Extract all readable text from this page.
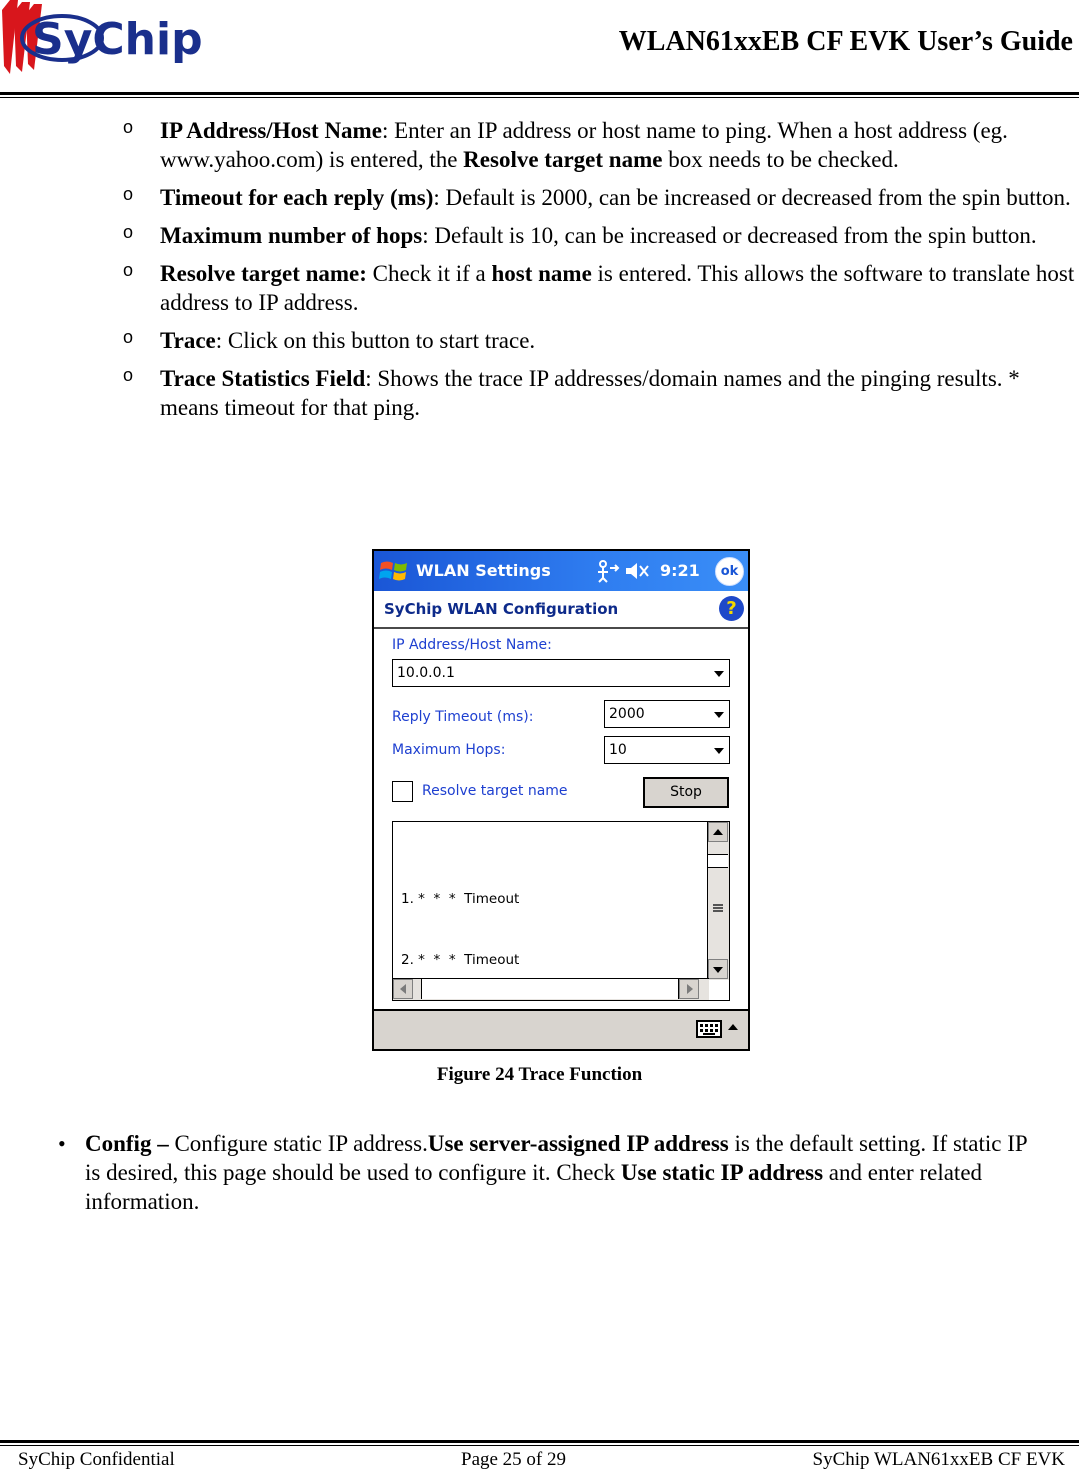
SyChip	WLAN61xxEB CF EVK User’s Guide
o IP Address/Host Name: Enter an IP address or host name to ping. When a host address (eg. www.yahoo.com) is entered, the Resolve target name box needs to be checked.
o Timeout for each reply (ms): Default is 2000, can be increased or decreased from the spin button.
o Maximum number of hops: Default is 10, can be increased or decreased from the spin button.
o Resolve target name: Check it if a host name is entered. This allows the software to translate host address to IP address.
o Trace: Click on this button to start trace.
o Trace Statistics Field: Shows the trace IP addresses/domain names and the pinging results. * means timeout for that ping.
WLAN Settings	9:21	ok
SyChip WLAN Configuration	?
IP Address/Host Name:
10.0.0.1
Reply Timeout (ms):	2000
Maximum Hops:	10
Resolve target name	Stop

1. *  *  *  Timeout

2. *  *  *  Timeout

Figure 24 Trace Function
• Config – Configure static IP address.Use server-assigned IP address is the default setting. If static IP is desired, this page should be used to configure it. Check Use static IP address and enter related information.
SyChip Confidential	Page 25 of 29	SyChip WLAN61xxEB CF EVK
